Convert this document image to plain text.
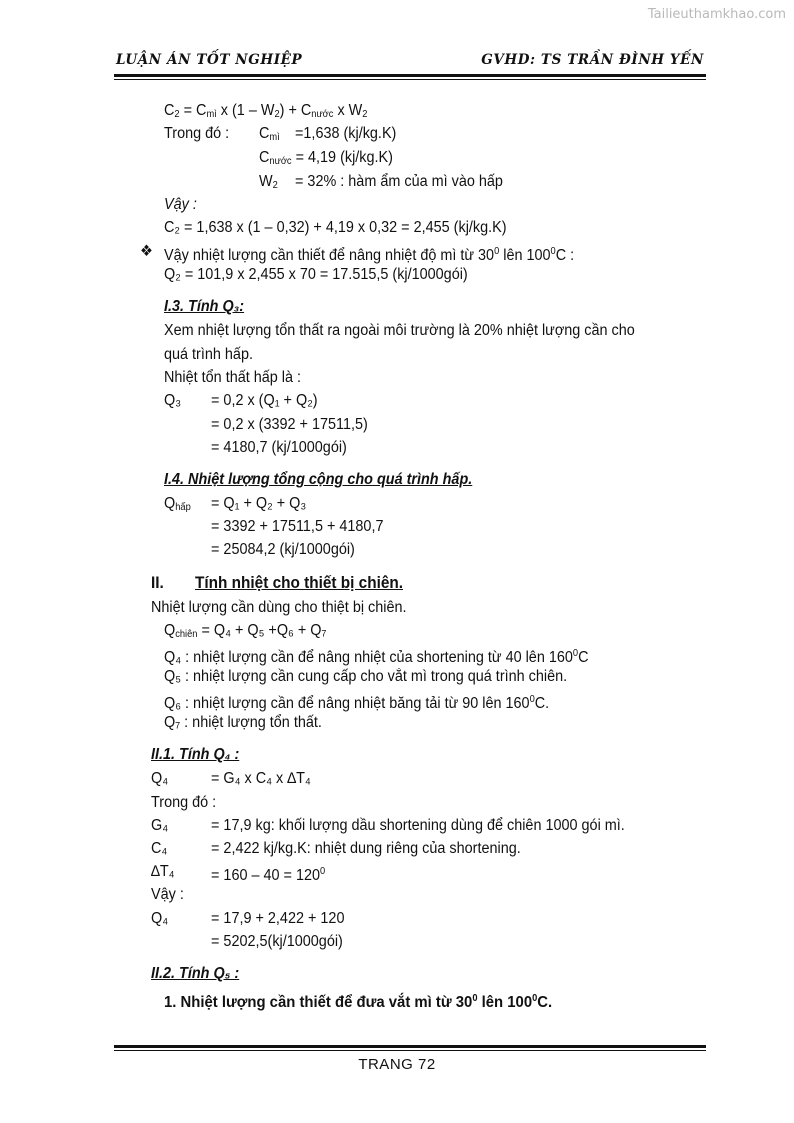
Tailieuthamkhao.com
LUẬN ÁN TỐT NGHIỆP	GVHD: TS TRẦN ĐÌNH YẾN
$C_2 = C_{mì}$ x $(1 - W_2) + C_{nước}$ x $W_2$
Trong đó : $C_{mì} =1,638$ (kj/kg.K)
$C_{nước} = 4,19$ (kj/kg.K)
$W_2 = 32\%$ : hàm ẩm của mì vào hấp
Vậy :
C₂ = 1,638 x (1 – 0,32) + 4,19 x 0,32 = 2,455 (kj/kg.K)
❖ Vậy nhiệt lượng cần thiết để nâng nhiệt độ mì từ $30^0$ lên $100^0C$ :
Q₂ = 101,9 x 2,455 x 70 = 17.515,5 (kj/1000gói)
I.3. Tính Q₃:
Xem nhiệt lượng tổn thất ra ngoài môi trường là 20% nhiệt lượng cần cho
quá trình hấp.
Nhiệt tổn thất hấp là :
Q₃ = 0,2 x (Q₁ + Q₂)
= 0,2 x (3392 + 17511,5)
= 4180,7 (kj/1000gói)
I.4. Nhiệt lượng tổng cộng cho quá trình hấp.
$Q_{hấp} = Q_1 + Q_2 + Q_3$
= 3392 + 17511,5 + 4180,7
= 25084,2 (kj/1000gói)
II. Tính nhiệt cho thiết bị chiên.
Nhiệt lượng cần dùng cho thiệt bị chiên.
$Q_{chiên} = Q_4 + Q_5 +Q_6 + Q_7$
Q₄ : nhiệt lượng cần để nâng nhiệt của shortening từ 40 lên $160^0C$
Q₅ : nhiệt lượng cần cung cấp cho vắt mì trong quá trình chiên.
Q₆ : nhiệt lượng cần để nâng nhiệt băng tải từ 90 lên $160^0C$.
Q₇ : nhiệt lượng tổn thất.
II.1. Tính Q₄ :
Q₄	= G₄ x C₄ x ∆T₄
Trong đó :
G₄	= 17,9 kg: khối lượng dầu shortening dùng để chiên 1000 gói mì.
C₄	= 2,422 kj/kg.K: nhiệt dung riêng của shortening.
$\Delta T_4 = 160 - 40 = 120^0$
Vậy :
Q₄	= 17,9 + 2,422 + 120
= 5202,5(kj/1000gói)
II.2. Tính Q₅ :
1. Nhiệt lượng cần thiết để đưa vắt mì từ $30^0$ lên $100^0C$.
TRANG 72
